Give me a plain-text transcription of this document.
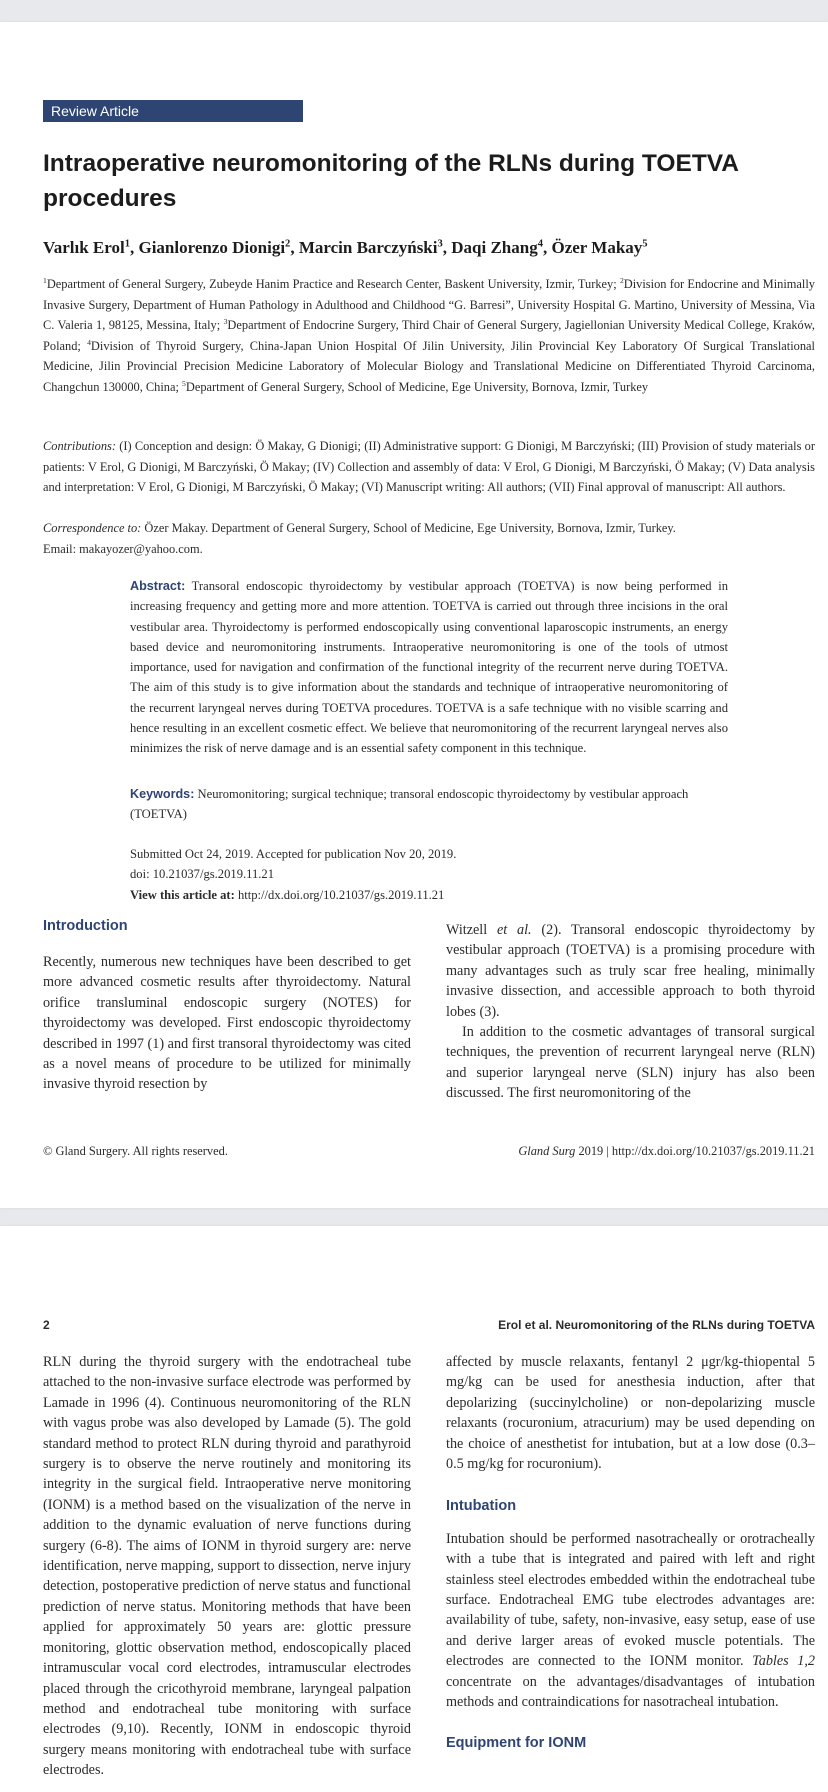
Review Article
Intraoperative neuromonitoring of the RLNs during TOETVA procedures
Varlık Erol$^1$, Gianlorenzo Dionigi$^2$, Marcin Barczyński$^3$, Daqi Zhang$^4$, Özer Makay$^5$

$^1$Department of General Surgery, Zubeyde Hanim Practice and Research Center, Baskent University, Izmir, Turkey; $^2$Division for Endocrine and Minimally Invasive Surgery, Department of Human Pathology in Adulthood and Childhood “G. Barresi”, University Hospital G. Martino, University of Messina, Via C. Valeria 1, 98125, Messina, Italy; $^3$Department of Endocrine Surgery, Third Chair of General Surgery, Jagiellonian University Medical College, Kraków, Poland; $^4$Division of Thyroid Surgery, China-Japan Union Hospital Of Jilin University, Jilin Provincial Key Laboratory Of Surgical Translational Medicine, Jilin Provincial Precision Medicine Laboratory of Molecular Biology and Translational Medicine on Differentiated Thyroid Carcinoma, Changchun 130000, China; $^5$Department of General Surgery, School of Medicine, Ege University, Bornova, Izmir, Turkey

Contributions: (I) Conception and design: Ö Makay, G Dionigi; (II) Administrative support: G Dionigi, M Barczyński; (III) Provision of study materials or patients: V Erol, G Dionigi, M Barczyński, Ö Makay; (IV) Collection and assembly of data: V Erol, G Dionigi, M Barczyński, Ö Makay; (V) Data analysis and interpretation: V Erol, G Dionigi, M Barczyński, Ö Makay; (VI) Manuscript writing: All authors; (VII) Final approval of manuscript: All authors.

Correspondence to: Özer Makay. Department of General Surgery, School of Medicine, Ege University, Bornova, Izmir, Turkey.
Email: makayozer@yahoo.com.

Abstract: Transoral endoscopic thyroidectomy by vestibular approach (TOETVA) is now being performed in increasing frequency and getting more and more attention. TOETVA is carried out through three incisions in the oral vestibular area. Thyroidectomy is performed endoscopically using conventional laparoscopic instruments, an energy based device and neuromonitoring instruments. Intraoperative neuromonitoring is one of the tools of utmost importance, used for navigation and confirmation of the functional integrity of the recurrent nerve during TOETVA. The aim of this study is to give information about the standards and technique of intraoperative neuromonitoring of the recurrent laryngeal nerves during TOETVA procedures. TOETVA is a safe technique with no visible scarring and hence resulting in an excellent cosmetic effect. We believe that neuromonitoring of the recurrent laryngeal nerves also minimizes the risk of nerve damage and is an essential safety component in this technique.

Keywords: Neuromonitoring; surgical technique; transoral endoscopic thyroidectomy by vestibular approach (TOETVA)

Submitted Oct 24, 2019. Accepted for publication Nov 20, 2019.
doi: 10.21037/gs.2019.11.21
View this article at: http://dx.doi.org/10.21037/gs.2019.11.21

Introduction

Recently, numerous new techniques have been described to get more advanced cosmetic results after thyroidectomy. Natural orifice transluminal endoscopic surgery (NOTES) for thyroidectomy was developed. First endoscopic thyroidectomy described in 1997 (1) and first transoral thyroidectomy was cited as a novel means of procedure to be utilized for minimally invasive thyroid resection by

Witzell et al. (2). Transoral endoscopic thyroidectomy by vestibular approach (TOETVA) is a promising procedure with many advantages such as truly scar free healing, minimally invasive dissection, and accessible approach to both thyroid lobes (3).

In addition to the cosmetic advantages of transoral surgical techniques, the prevention of recurrent laryngeal nerve (RLN) and superior laryngeal nerve (SLN) injury has also been discussed. The first neuromonitoring of the

© Gland Surgery. All rights reserved.	Gland Surg 2019 | http://dx.doi.org/10.21037/gs.2019.11.21
2	Erol et al. Neuromonitoring of the RLNs during TOETVA

RLN during the thyroid surgery with the endotracheal tube attached to the non-invasive surface electrode was performed by Lamade in 1996 (4). Continuous neuromonitoring of the RLN with vagus probe was also developed by Lamade (5). The gold standard method to protect RLN during thyroid and parathyroid surgery is to observe the nerve routinely and monitoring its integrity in the surgical field. Intraoperative nerve monitoring (IONM) is a method based on the visualization of the nerve in addition to the dynamic evaluation of nerve functions during surgery (6-8). The aims of IONM in thyroid surgery are: nerve identification, nerve mapping, support to dissection, nerve injury detection, postoperative prediction of nerve status and functional prediction of nerve status. Monitoring methods that have been applied for approximately 50 years are: glottic pressure monitoring, glottic observation method, endoscopically placed intramuscular vocal cord electrodes, intramuscular electrodes placed through the cricothyroid membrane, laryngeal palpation method and endotracheal tube monitoring with surface electrodes (9,10). Recently, IONM in endoscopic thyroid surgery means monitoring with endotracheal tube with surface electrodes.

affected by muscle relaxants, fentanyl 2 μgr/kg-thiopental 5 mg/kg can be used for anesthesia induction, after that depolarizing (succinylcholine) or non-depolarizing muscle relaxants (rocuronium, atracurium) may be used depending on the choice of anesthetist for intubation, but at a low dose (0.3–0.5 mg/kg for rocuronium).

Intubation

Intubation should be performed nasotracheally or orotracheally with a tube that is integrated and paired with left and right stainless steel electrodes embedded within the endotracheal tube surface. Endotracheal EMG tube electrodes advantages are: availability of tube, safety, non-invasive, easy setup, ease of use and derive larger areas of evoked muscle potentials. The electrodes are connected to the IONM monitor. Tables 1,2 concentrate on the advantages/disadvantages of intubation methods and contraindications for nasotracheal intubation.

Equipment for IONM
